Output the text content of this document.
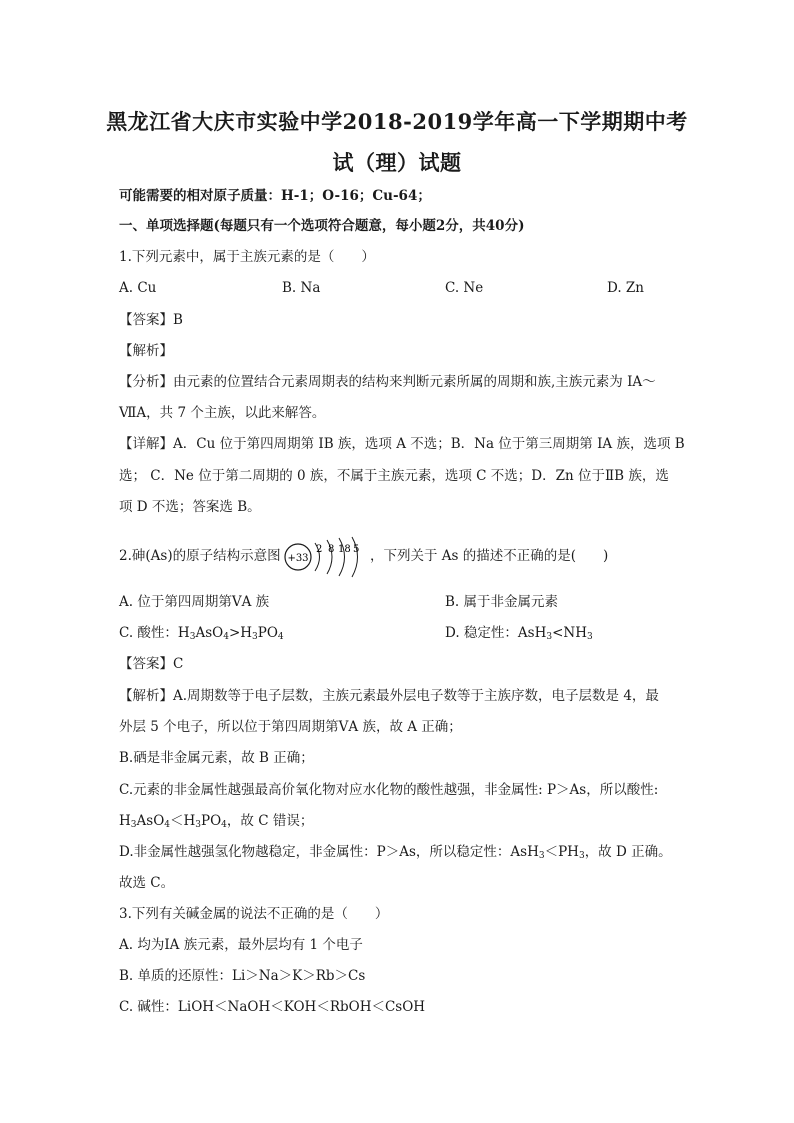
黑龙江省大庆市实验中学2018-2019学年高一下学期期中考
试（理）试题
可能需要的相对原子质量：H-1；O-16；Cu-64；
一、单项选择题(每题只有一个选项符合题意，每小题2分，共40分)
1.下列元素中，属于主族元素的是（　　）
A. Cu	B. Na	C. Ne	D. Zn
【答案】B
【解析】
【分析】由元素的位置结合元素周期表的结构来判断元素所属的周期和族,主族元素为 IA～
ⅦA，共 7 个主族，以此来解答。
【详解】A．Cu 位于第四周期第 IB 族，选项 A 不选；B．Na 位于第三周期第 IA 族，选项 B
选； C．Ne 位于第二周期的 0 族，不属于主族元素，选项 C 不选；D．Zn 位于ⅡB 族，选
项 D 不选；答案选 B。
2.砷(As)的原子结构示意图 +33
2 8 18 5 ，下列关于 As 的描述不正确的是(　　)
A. 位于第四周期第ⅤA 族	B. 属于非金属元素
C. 酸性：$H_3AsO_4>H_3PO_4$	D. 稳定性：$AsH_3<NH_3$
【答案】C
【解析】A.周期数等于电子层数，主族元素最外层电子数等于主族序数，电子层数是 4，最
外层 5 个电子，所以位于第四周期第ⅤA 族，故 A 正确；
B.硒是非金属元素，故 B 正确；
C.元素的非金属性越强最高价氧化物对应水化物的酸性越强，非金属性: P＞As，所以酸性:
$H_3AsO_4<H_3PO_4$，故 C 错误；
D.非金属性越强氢化物越稳定，非金属性：P＞As，所以稳定性：$AsH_3<PH_3$，故 D 正确。
故选 C。
3.下列有关碱金属的说法不正确的是（　　）
A. 均为ⅠA 族元素，最外层均有 1 个电子
B. 单质的还原性：Li＞Na＞K＞Rb＞Cs
C. 碱性：LiOH＜NaOH＜KOH＜RbOH＜CsOH
